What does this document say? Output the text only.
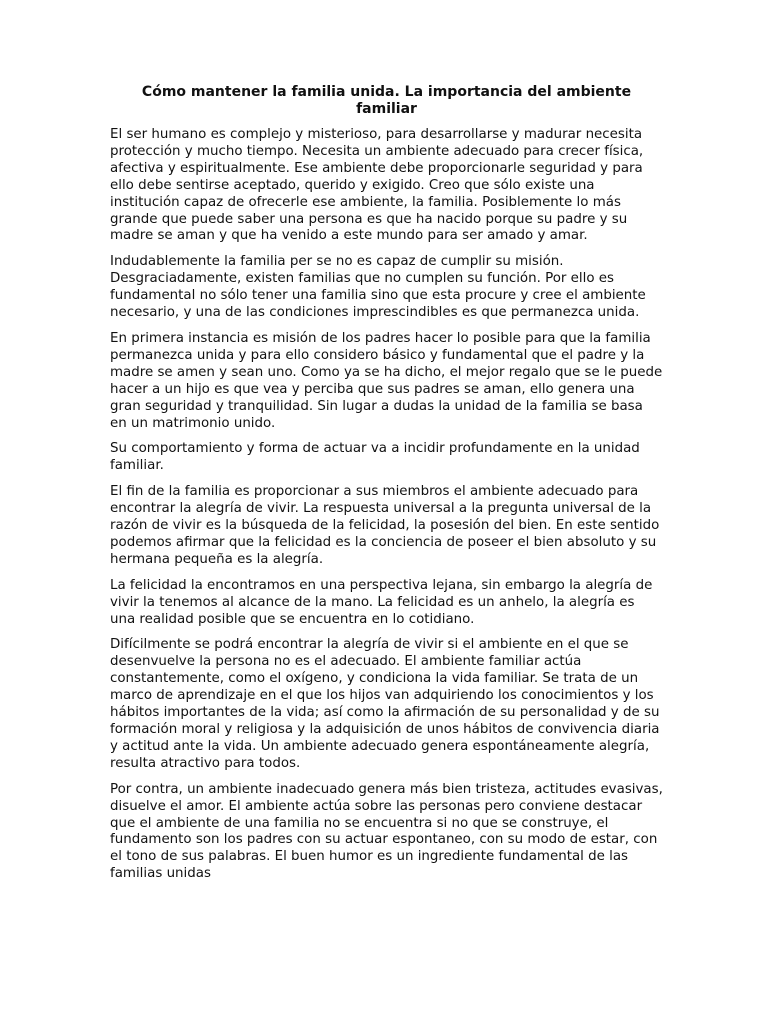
Cómo mantener la familia unida. La importancia del ambiente familiar

El ser humano es complejo y misterioso, para desarrollarse y madurar necesita protección y mucho tiempo. Necesita un ambiente adecuado para crecer física, afectiva y espiritualmente. Ese ambiente debe proporcionarle seguridad y para ello debe sentirse aceptado, querido y exigido. Creo que sólo existe una institución capaz de ofrecerle ese ambiente, la familia. Posiblemente lo más grande que puede saber una persona es que ha nacido porque su padre y su madre se aman y que ha venido a este mundo para ser amado y amar.

Indudablemente la familia per se no es capaz de cumplir su misión. Desgraciadamente, existen familias que no cumplen su función. Por ello es fundamental no sólo tener una familia sino que esta procure y cree el ambiente necesario, y una de las condiciones imprescindibles es que permanezca unida.

En primera instancia es misión de los padres hacer lo posible para que la familia permanezca unida y para ello considero básico y fundamental que el padre y la madre se amen y sean uno. Como ya se ha dicho, el mejor regalo que se le puede hacer a un hijo es que vea y perciba que sus padres se aman, ello genera una gran seguridad y tranquilidad. Sin lugar a dudas la unidad de la familia se basa en un matrimonio unido.

Su comportamiento y forma de actuar va a incidir profundamente en la unidad familiar.

El fin de la familia es proporcionar a sus miembros el ambiente adecuado para encontrar la alegría de vivir. La respuesta universal a la pregunta universal de la razón de vivir es la búsqueda de la felicidad, la posesión del bien. En este sentido podemos afirmar que la felicidad es la conciencia de poseer el bien absoluto y su hermana pequeña es la alegría.

La felicidad la encontramos en una perspectiva lejana, sin embargo la alegría de vivir la tenemos al alcance de la mano. La felicidad es un anhelo, la alegría es una realidad posible que se encuentra en lo cotidiano.

Difícilmente se podrá encontrar la alegría de vivir si el ambiente en el que se desenvuelve la persona no es el adecuado. El ambiente familiar actúa constantemente, como el oxígeno, y condiciona la vida familiar. Se trata de un marco de aprendizaje en el que los hijos van adquiriendo los conocimientos y los hábitos importantes de la vida; así como la afirmación de su personalidad y de su formación moral y religiosa y la adquisición de unos hábitos de convivencia diaria y actitud ante la vida. Un ambiente adecuado genera espontáneamente alegría, resulta atractivo para todos.

Por contra, un ambiente inadecuado genera más bien tristeza, actitudes evasivas, disuelve el amor. El ambiente actúa sobre las personas pero conviene destacar que el ambiente de una familia no se encuentra si no que se construye, el fundamento son los padres con su actuar espontaneo, con su modo de estar, con el tono de sus palabras. El buen humor es un ingrediente fundamental de las familias unidas
